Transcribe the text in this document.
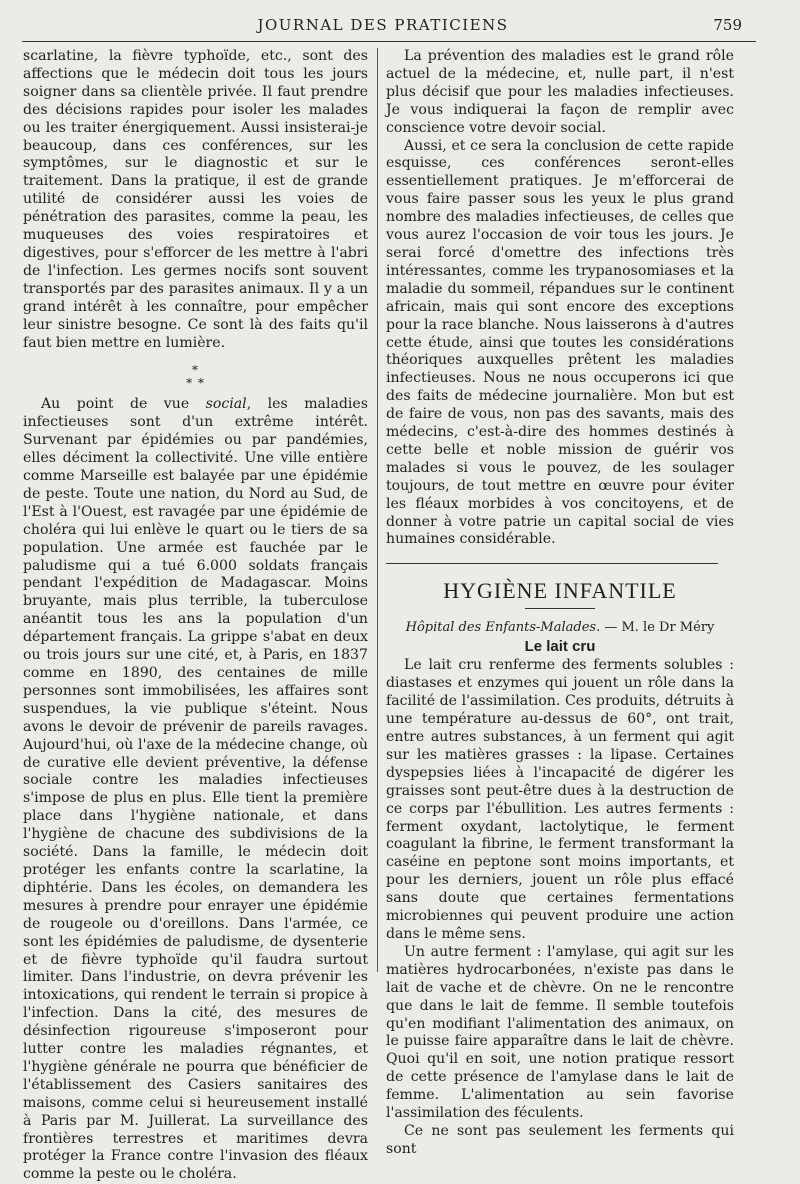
JOURNAL DES PRATICIENS	759

scarlatine, la fièvre typhoïde, etc., sont des affections que le médecin doit tous les jours soigner dans sa clientèle privée. Il faut prendre des décisions rapides pour isoler les malades ou les traiter énergiquement. Aussi insisterai-je beaucoup, dans ces conférences, sur les symptômes, sur le diagnostic et sur le traitement. Dans la pratique, il est de grande utilité de considérer aussi les voies de pénétration des parasites, comme la peau, les muqueuses des voies respiratoires et digestives, pour s'efforcer de les mettre à l'abri de l'infection. Les germes nocifs sont souvent transportés par des parasites animaux. Il y a un grand intérêt à les connaître, pour empêcher leur sinistre besogne. Ce sont là des faits qu'il faut bien mettre en lumière.

*
* *

Au point de vue social, les maladies infectieuses sont d'un extrême intérêt. Survenant par épidémies ou par pandémies, elles déciment la collectivité. Une ville entière comme Marseille est balayée par une épidémie de peste. Toute une nation, du Nord au Sud, de l'Est à l'Ouest, est ravagée par une épidémie de choléra qui lui enlève le quart ou le tiers de sa population. Une armée est fauchée par le paludisme qui a tué 6.000 soldats français pendant l'expédition de Madagascar. Moins bruyante, mais plus terrible, la tuberculose anéantit tous les ans la population d'un département français. La grippe s'abat en deux ou trois jours sur une cité, et, à Paris, en 1837 comme en 1890, des centaines de mille personnes sont immobilisées, les affaires sont suspendues, la vie publique s'éteint. Nous avons le devoir de prévenir de pareils ravages. Aujourd'hui, où l'axe de la médecine change, où de curative elle devient préventive, la défense sociale contre les maladies infectieuses s'impose de plus en plus. Elle tient la première place dans l'hygiène nationale, et dans l'hygiène de chacune des subdivisions de la société. Dans la famille, le médecin doit protéger les enfants contre la scarlatine, la diphtérie. Dans les écoles, on demandera les mesures à prendre pour enrayer une épidémie de rougeole ou d'oreillons. Dans l'armée, ce sont les épidémies de paludisme, de dysenterie et de fièvre typhoïde qu'il faudra surtout limiter. Dans l'industrie, on devra prévenir les intoxications, qui rendent le terrain si propice à l'infection. Dans la cité, des mesures de désinfection rigoureuse s'imposeront pour lutter contre les maladies régnantes, et l'hygiène générale ne pourra que bénéficier de l'établissement des Casiers sanitaires des maisons, comme celui si heureusement installé à Paris par M. Juillerat. La surveillance des frontières terrestres et maritimes devra protéger la France contre l'invasion des fléaux comme la peste ou le choléra.

La prévention des maladies est le grand rôle actuel de la médecine, et, nulle part, il n'est plus décisif que pour les maladies infectieuses. Je vous indiquerai la façon de remplir avec conscience votre devoir social.

Aussi, et ce sera la conclusion de cette rapide esquisse, ces conférences seront-elles essentiellement pratiques. Je m'efforcerai de vous faire passer sous les yeux le plus grand nombre des maladies infectieuses, de celles que vous aurez l'occasion de voir tous les jours. Je serai forcé d'omettre des infections très intéressantes, comme les trypanosomiases et la maladie du sommeil, répandues sur le continent africain, mais qui sont encore des exceptions pour la race blanche. Nous laisserons à d'autres cette étude, ainsi que toutes les considérations théoriques auxquelles prêtent les maladies infectieuses. Nous ne nous occuperons ici que des faits de médecine journalière. Mon but est de faire de vous, non pas des savants, mais des médecins, c'est-à-dire des hommes destinés à cette belle et noble mission de guérir vos malades si vous le pouvez, de les soulager toujours, de tout mettre en œuvre pour éviter les fléaux morbides à vos concitoyens, et de donner à votre patrie un capital social de vies humaines considérable.

HYGIÈNE INFANTILE
Hôpital des Enfants-Malades. — M. le Dr Méry
Le lait cru

Le lait cru renferme des ferments solubles : diastases et enzymes qui jouent un rôle dans la facilité de l'assimilation. Ces produits, détruits à une température au-dessus de 60°, ont trait, entre autres substances, à un ferment qui agit sur les matières grasses : la lipase. Certaines dyspepsies liées à l'incapacité de digérer les graisses sont peut-être dues à la destruction de ce corps par l'ébullition. Les autres ferments : ferment oxydant, lactolytique, le ferment coagulant la fibrine, le ferment transformant la caséine en peptone sont moins importants, et pour les derniers, jouent un rôle plus effacé sans doute que certaines fermentations microbiennes qui peuvent produire une action dans le même sens.

Un autre ferment : l'amylase, qui agit sur les matières hydrocarbonées, n'existe pas dans le lait de vache et de chèvre. On ne le rencontre que dans le lait de femme. Il semble toutefois qu'en modifiant l'alimentation des animaux, on le puisse faire apparaître dans le lait de chèvre. Quoi qu'il en soit, une notion pratique ressort de cette présence de l'amylase dans le lait de femme. L'alimentation au sein favorise l'assimilation des féculents.

Ce ne sont pas seulement les ferments qui sont
